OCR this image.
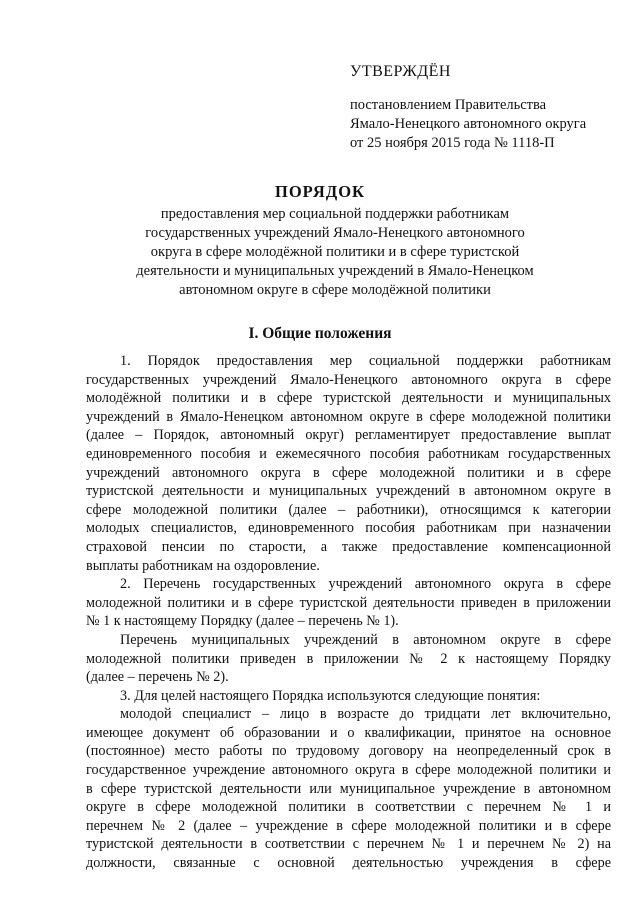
УТВЕРЖДЁН
постановлением Правительства
Ямало-Ненецкого автономного округа
от 25 ноября 2015 года № 1118-П
ПОРЯДОК
предоставления мер социальной поддержки работникам
государственных учреждений Ямало-Ненецкого автономного
округа в сфере молодёжной политики и в сфере туристской
деятельности и муниципальных учреждений в Ямало-Ненецком
автономном округе в сфере молодёжной политики
I. Общие положения
1. Порядок предоставления мер социальной поддержки работникам
государственных учреждений Ямало-Ненецкого автономного округа в сфере
молодёжной политики и в сфере туристской деятельности и муниципальных
учреждений в Ямало-Ненецком автономном округе в сфере молодежной политики
(далее – Порядок, автономный округ) регламентирует предоставление выплат
единовременного пособия и ежемесячного пособия работникам государственных
учреждений автономного округа в сфере молодежной политики и в сфере
туристской деятельности и муниципальных учреждений в автономном округе в
сфере молодежной политики (далее – работники), относящимся к категории
молодых специалистов, единовременного пособия работникам при назначении
страховой пенсии по старости, а также предоставление компенсационной
выплаты работникам на оздоровление.
2. Перечень государственных учреждений автономного округа в сфере
молодежной политики и в сфере туристской деятельности приведен в приложении
№ 1 к настоящему Порядку (далее – перечень № 1).
Перечень муниципальных учреждений в автономном округе в сфере
молодежной политики приведен в приложении № 2 к настоящему Порядку
(далее – перечень № 2).
3. Для целей настоящего Порядка используются следующие понятия:
молодой специалист – лицо в возрасте до тридцати лет включительно,
имеющее документ об образовании и о квалификации, принятое на основное
(постоянное) место работы по трудовому договору на неопределенный срок в
государственное учреждение автономного округа в сфере молодежной политики и
в сфере туристской деятельности или муниципальное учреждение в автономном
округе в сфере молодежной политики в соответствии с перечнем № 1 и
перечнем № 2 (далее – учреждение в сфере молодежной политики и в сфере
туристской деятельности в соответствии с перечнем № 1 и перечнем № 2) на
должности, связанные с основной деятельностью учреждения в сфере
